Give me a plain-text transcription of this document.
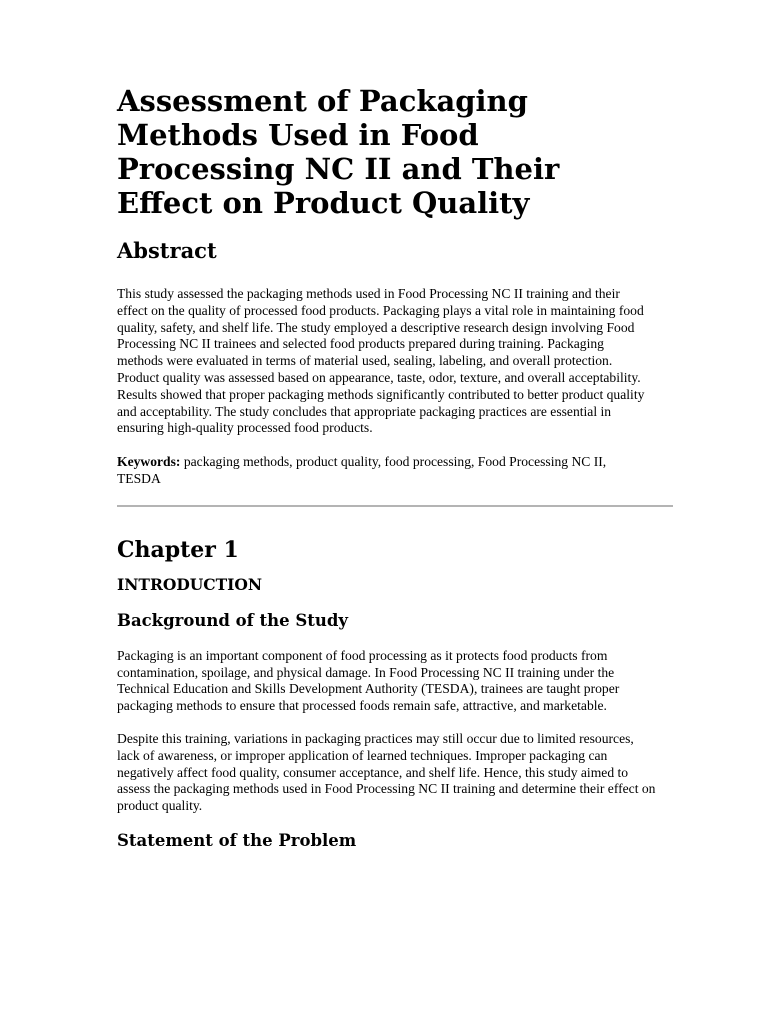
Assessment of Packaging Methods Used in Food Processing NC II and Their Effect on Product Quality
Abstract

This study assessed the packaging methods used in Food Processing NC II training and their effect on the quality of processed food products. Packaging plays a vital role in maintaining food quality, safety, and shelf life. The study employed a descriptive research design involving Food Processing NC II trainees and selected food products prepared during training. Packaging methods were evaluated in terms of material used, sealing, labeling, and overall protection. Product quality was assessed based on appearance, taste, odor, texture, and overall acceptability. Results showed that proper packaging methods significantly contributed to better product quality and acceptability. The study concludes that appropriate packaging practices are essential in ensuring high-quality processed food products.

Keywords: packaging methods, product quality, food processing, Food Processing NC II, TESDA

Chapter 1
INTRODUCTION
Background of the Study

Packaging is an important component of food processing as it protects food products from contamination, spoilage, and physical damage. In Food Processing NC II training under the Technical Education and Skills Development Authority (TESDA), trainees are taught proper packaging methods to ensure that processed foods remain safe, attractive, and marketable.

Despite this training, variations in packaging practices may still occur due to limited resources, lack of awareness, or improper application of learned techniques. Improper packaging can negatively affect food quality, consumer acceptance, and shelf life. Hence, this study aimed to assess the packaging methods used in Food Processing NC II training and determine their effect on product quality.

Statement of the Problem
